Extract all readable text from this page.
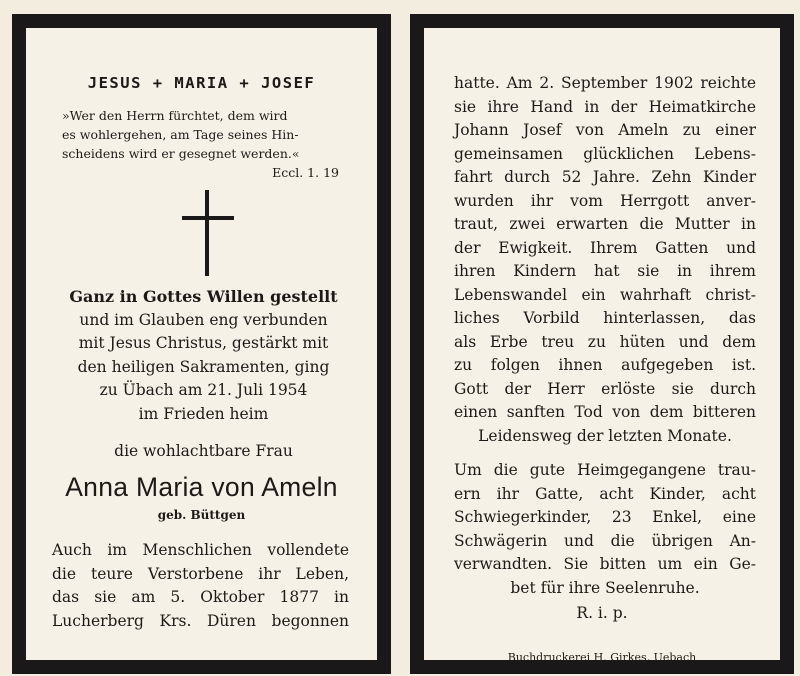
JESUS + MARIA + JOSEF
»Wer den Herrn fürchtet, dem wird
es wohlergehen, am Tage seines Hin-
scheidens wird er gesegnet werden.«
Eccl. 1. 19
Ganz in Gottes Willen gestellt
und im Glauben eng verbunden
mit Jesus Christus, gestärkt mit
den heiligen Sakramenten, ging
zu Übach am 21. Juli 1954
im Frieden heim
die wohlachtbare Frau
Anna Maria von Ameln
geb. Büttgen

Auch im Menschlichen vollendete

die teure Verstorbene ihr Leben,

das sie am 5. Oktober 1877 in

Lucherberg Krs. Düren begonnen

hatte. Am 2. September 1902 reichte

sie ihre Hand in der Heimatkirche

Johann Josef von Ameln zu einer

gemeinsamen glücklichen Lebens-

fahrt durch 52 Jahre. Zehn Kinder

wurden ihr vom Herrgott anver-

traut, zwei erwarten die Mutter in

der Ewigkeit. Ihrem Gatten und

ihren Kindern hat sie in ihrem

Lebenswandel ein wahrhaft christ-

liches Vorbild hinterlassen, das

als Erbe treu zu hüten und dem

zu folgen ihnen aufgegeben ist.

Gott der Herr erlöste sie durch

einen sanften Tod von dem bitteren

Leidensweg der letzten Monate.

Um die gute Heimgegangene trau-

ern ihr Gatte, acht Kinder, acht

Schwiegerkinder, 23 Enkel, eine

Schwägerin und die übrigen An-

verwandten. Sie bitten um ein Ge-

bet für ihre Seelenruhe.

R. i. p.
Buchdruckerei H. Girkes, Uebach
